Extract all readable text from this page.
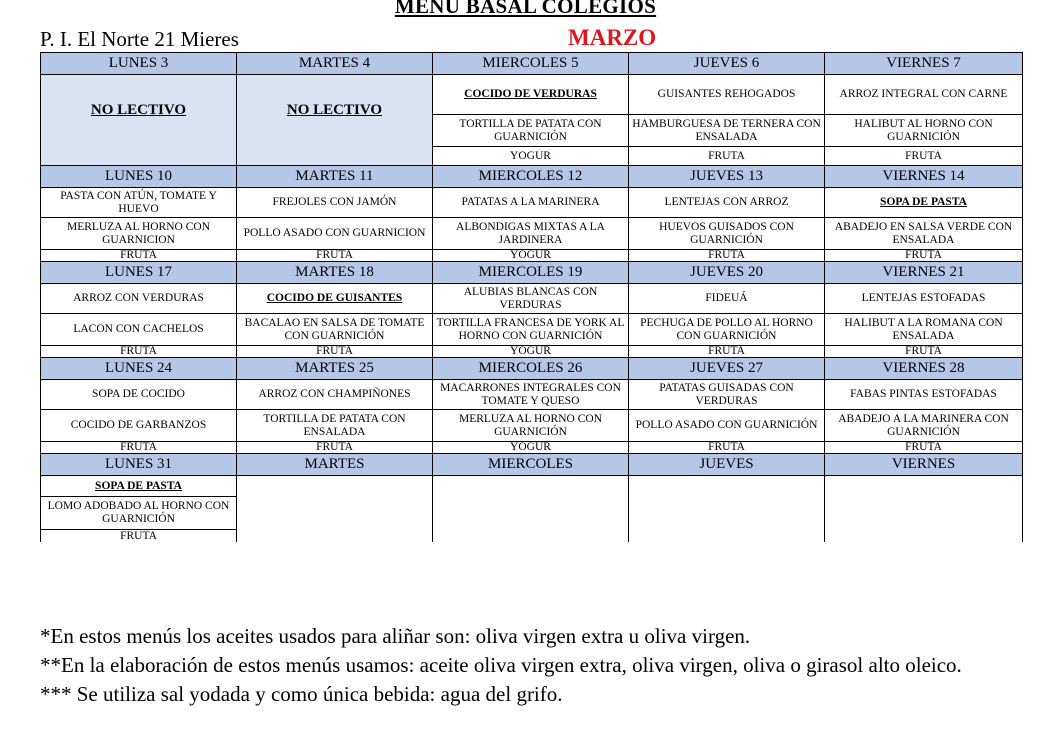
MENU BASAL COLEGIOS
P. I. El Norte 21 Mieres	MARZO
LUNES 3	MARTES 4	MIERCOLES 5	JUEVES 6	VIERNES 7
NO LECTIVO	NO LECTIVO	COCIDO DE VERDURAS	GUISANTES REHOGADOS	ARROZ INTEGRAL CON CARNE
		TORTILLA DE PATATA CON GUARNICIÓN	HAMBURGUESA DE TERNERA CON ENSALADA	HALIBUT AL HORNO CON GUARNICIÓN
		YOGUR	FRUTA	FRUTA
LUNES 10	MARTES 11	MIERCOLES 12	JUEVES 13	VIERNES 14
PASTA CON ATÚN, TOMATE Y HUEVO	FREJOLES CON JAMÓN	PATATAS A LA MARINERA	LENTEJAS CON ARROZ	SOPA DE PASTA
MERLUZA AL HORNO CON GUARNICION	POLLO ASADO CON GUARNICION	ALBONDIGAS MIXTAS A LA JARDINERA	HUEVOS GUISADOS CON GUARNICIÓN	ABADEJO EN SALSA VERDE CON ENSALADA
FRUTA	FRUTA	YOGUR	FRUTA	FRUTA
LUNES 17	MARTES 18	MIERCOLES 19	JUEVES 20	VIERNES 21
ARROZ CON VERDURAS	COCIDO DE GUISANTES	ALUBIAS BLANCAS CON VERDURAS	FIDEUÁ	LENTEJAS ESTOFADAS
LACON CON CACHELOS	BACALAO EN SALSA DE TOMATE CON GUARNICIÓN	TORTILLA FRANCESA DE YORK AL HORNO CON GUARNICIÓN	PECHUGA DE POLLO AL HORNO CON GUARNICIÓN	HALIBUT A LA ROMANA CON ENSALADA
FRUTA	FRUTA	YOGUR	FRUTA	FRUTA
LUNES 24	MARTES 25	MIERCOLES 26	JUEVES 27	VIERNES 28
SOPA DE COCIDO	ARROZ CON CHAMPIÑONES	MACARRONES INTEGRALES CON TOMATE Y QUESO	PATATAS GUISADAS CON VERDURAS	FABAS PINTAS ESTOFADAS
COCIDO DE GARBANZOS	TORTILLA DE PATATA CON ENSALADA	MERLUZA AL HORNO CON GUARNICIÓN	POLLO ASADO CON GUARNICIÓN	ABADEJO A LA MARINERA CON GUARNICIÓN
FRUTA	FRUTA	YOGUR	FRUTA	FRUTA
LUNES 31	MARTES	MIERCOLES	JUEVES	VIERNES
SOPA DE PASTA				
LOMO ADOBADO AL HORNO CON GUARNICIÓN				
FRUTA				

*En estos menús los aceites usados para aliñar son: oliva virgen extra u oliva virgen.

**En la elaboración de estos menús usamos: aceite oliva virgen extra, oliva virgen, oliva o girasol alto oleico.

*** Se utiliza sal yodada y como única bebida: agua del grifo.
